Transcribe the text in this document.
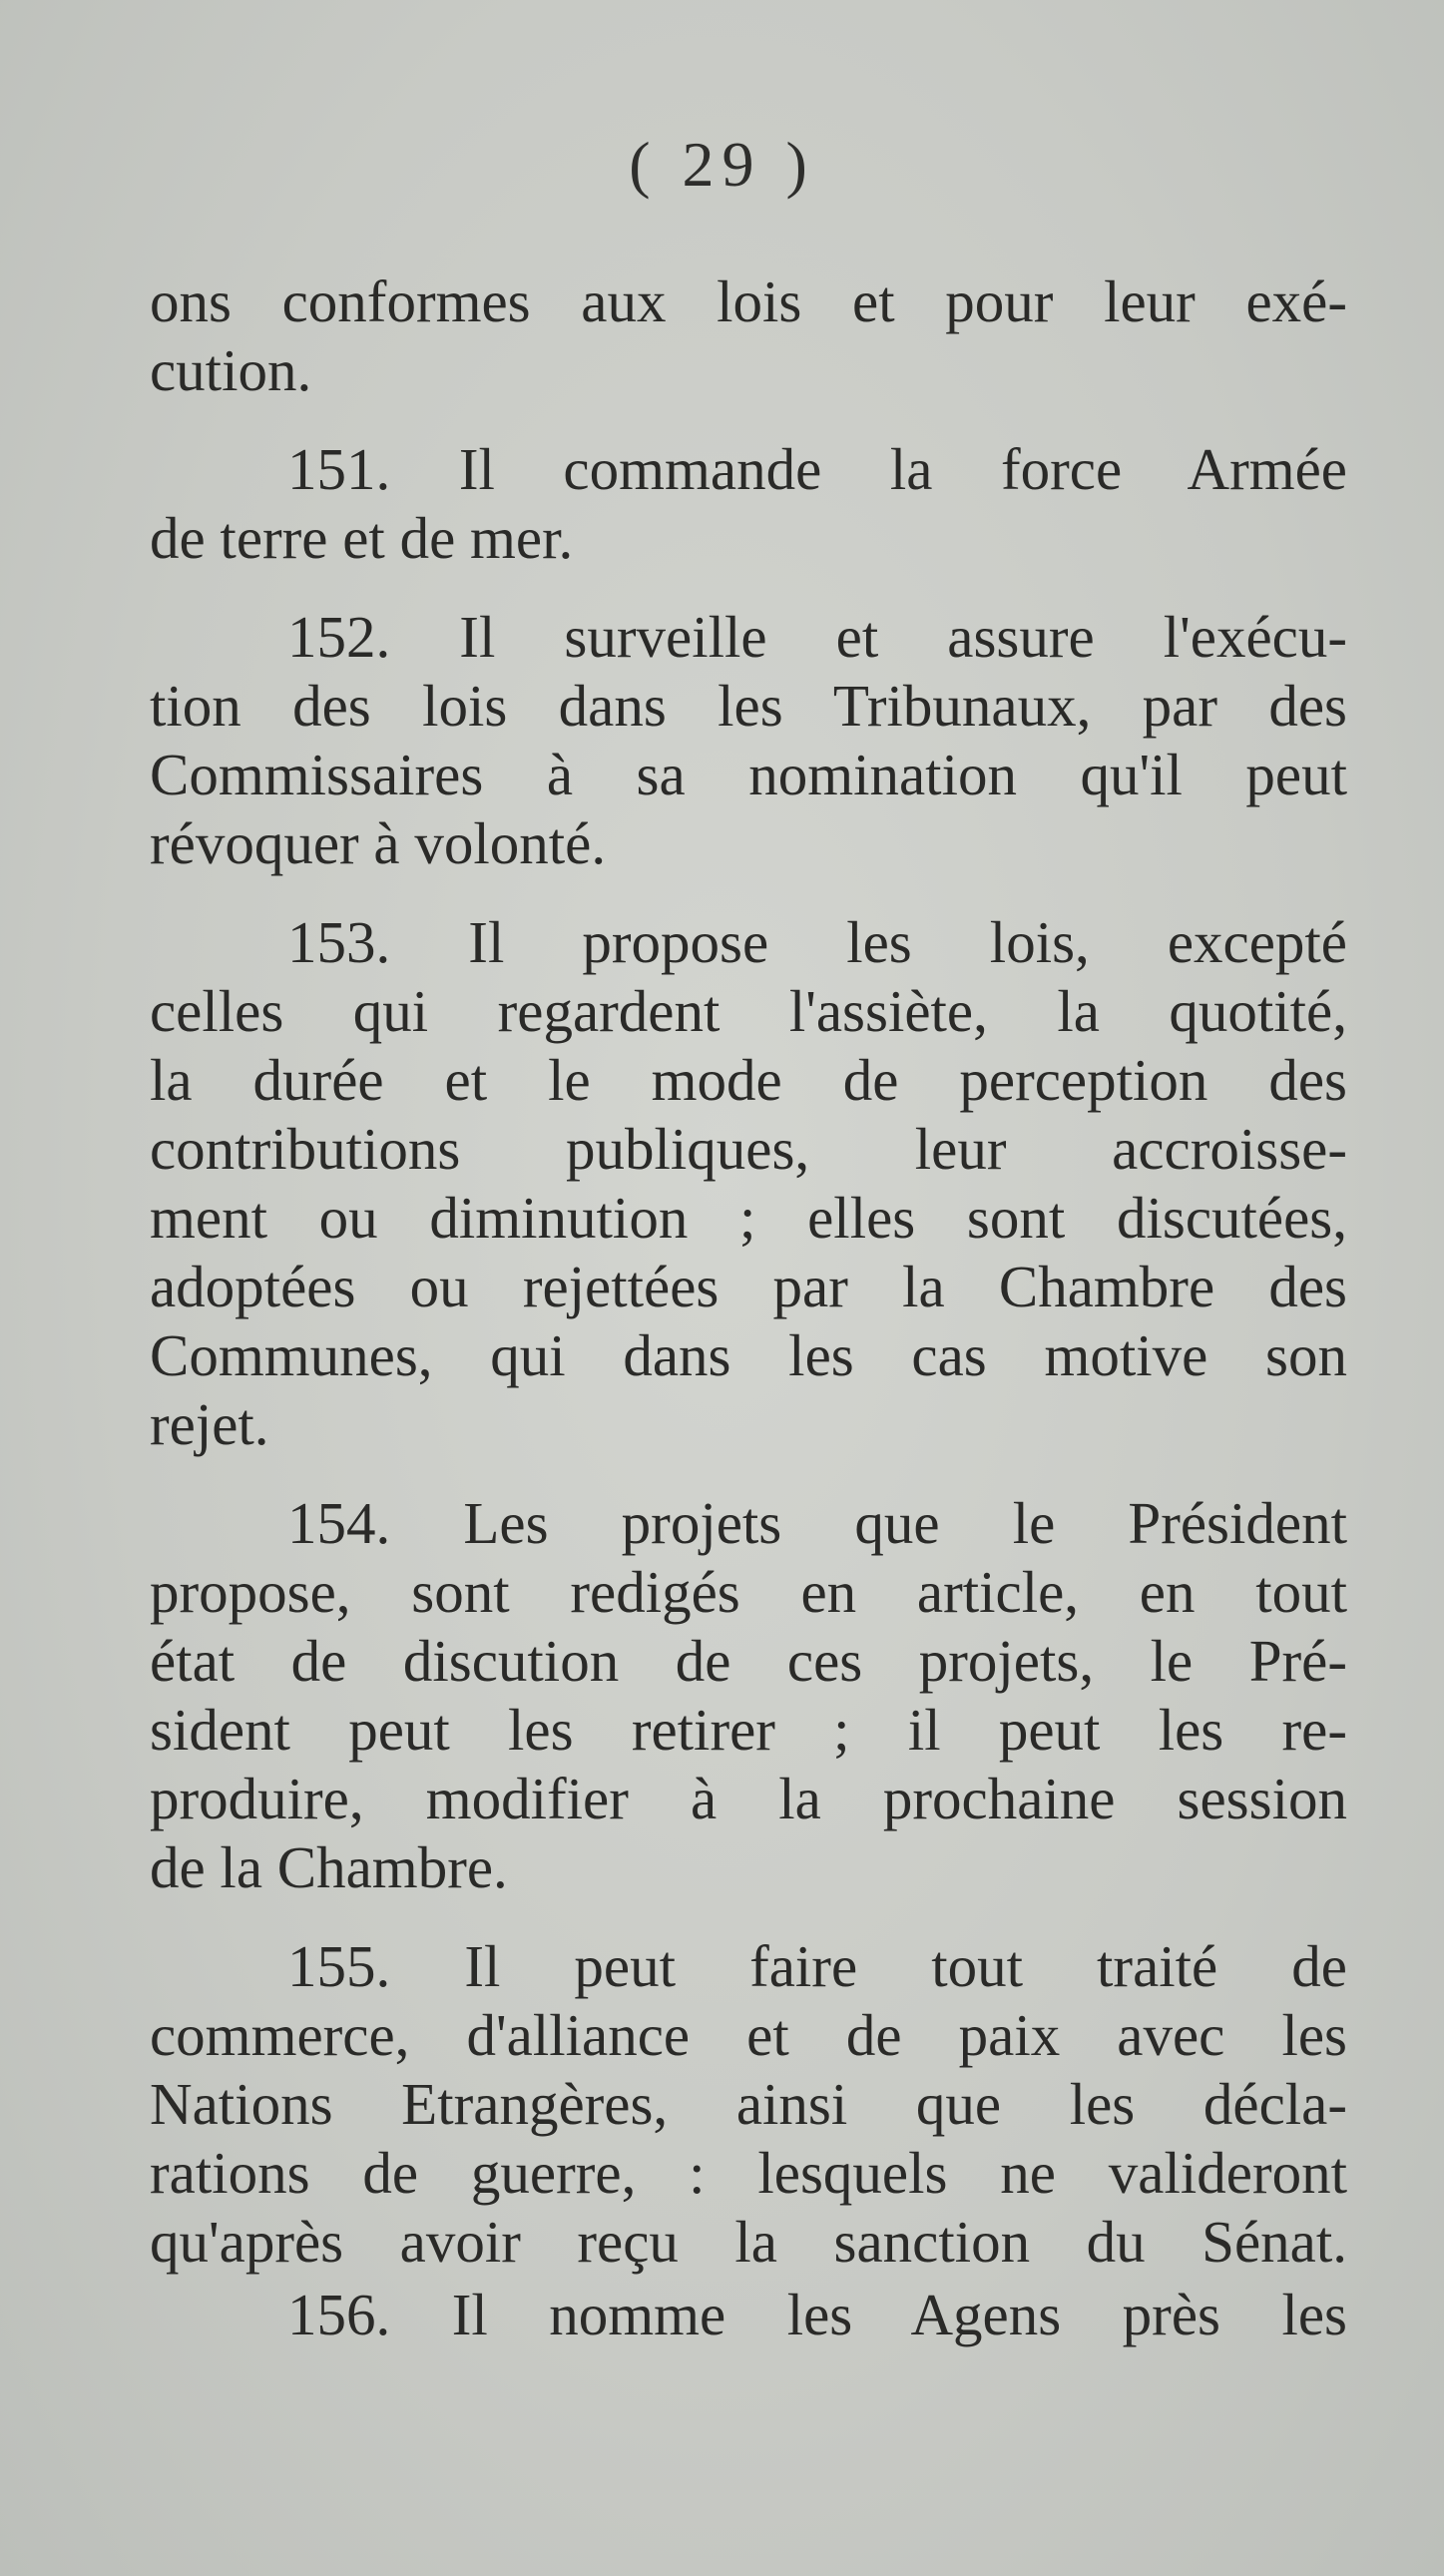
( 29 )
ons conformes aux lois et pour leur exé-
cution.
151. Il commande la force Armée
de terre et de mer.
152. Il surveille et assure l'exécu-
tion des lois dans les Tribunaux, par des
Commissaires à sa nomination qu'il peut
révoquer à volonté.
153. Il propose les lois, excepté
celles qui regardent l'assiète, la quotité,
la durée et le mode de perception des
contributions publiques, leur accroisse-
ment ou diminution ; elles sont discutées,
adoptées ou rejettées par la Chambre des
Communes, qui dans les cas motive son
rejet.
154. Les projets que le Président
propose, sont redigés en article, en tout
état de discution de ces projets, le Pré-
sident peut les retirer ; il peut les re-
produire, modifier à la prochaine session
de la Chambre.
155. Il peut faire tout traité de
commerce, d'alliance et de paix avec les
Nations Etrangères, ainsi que les décla-
rations de guerre, : lesquels ne valideront
qu'après avoir reçu la sanction du Sénat.
156. Il nomme les Agens près les
